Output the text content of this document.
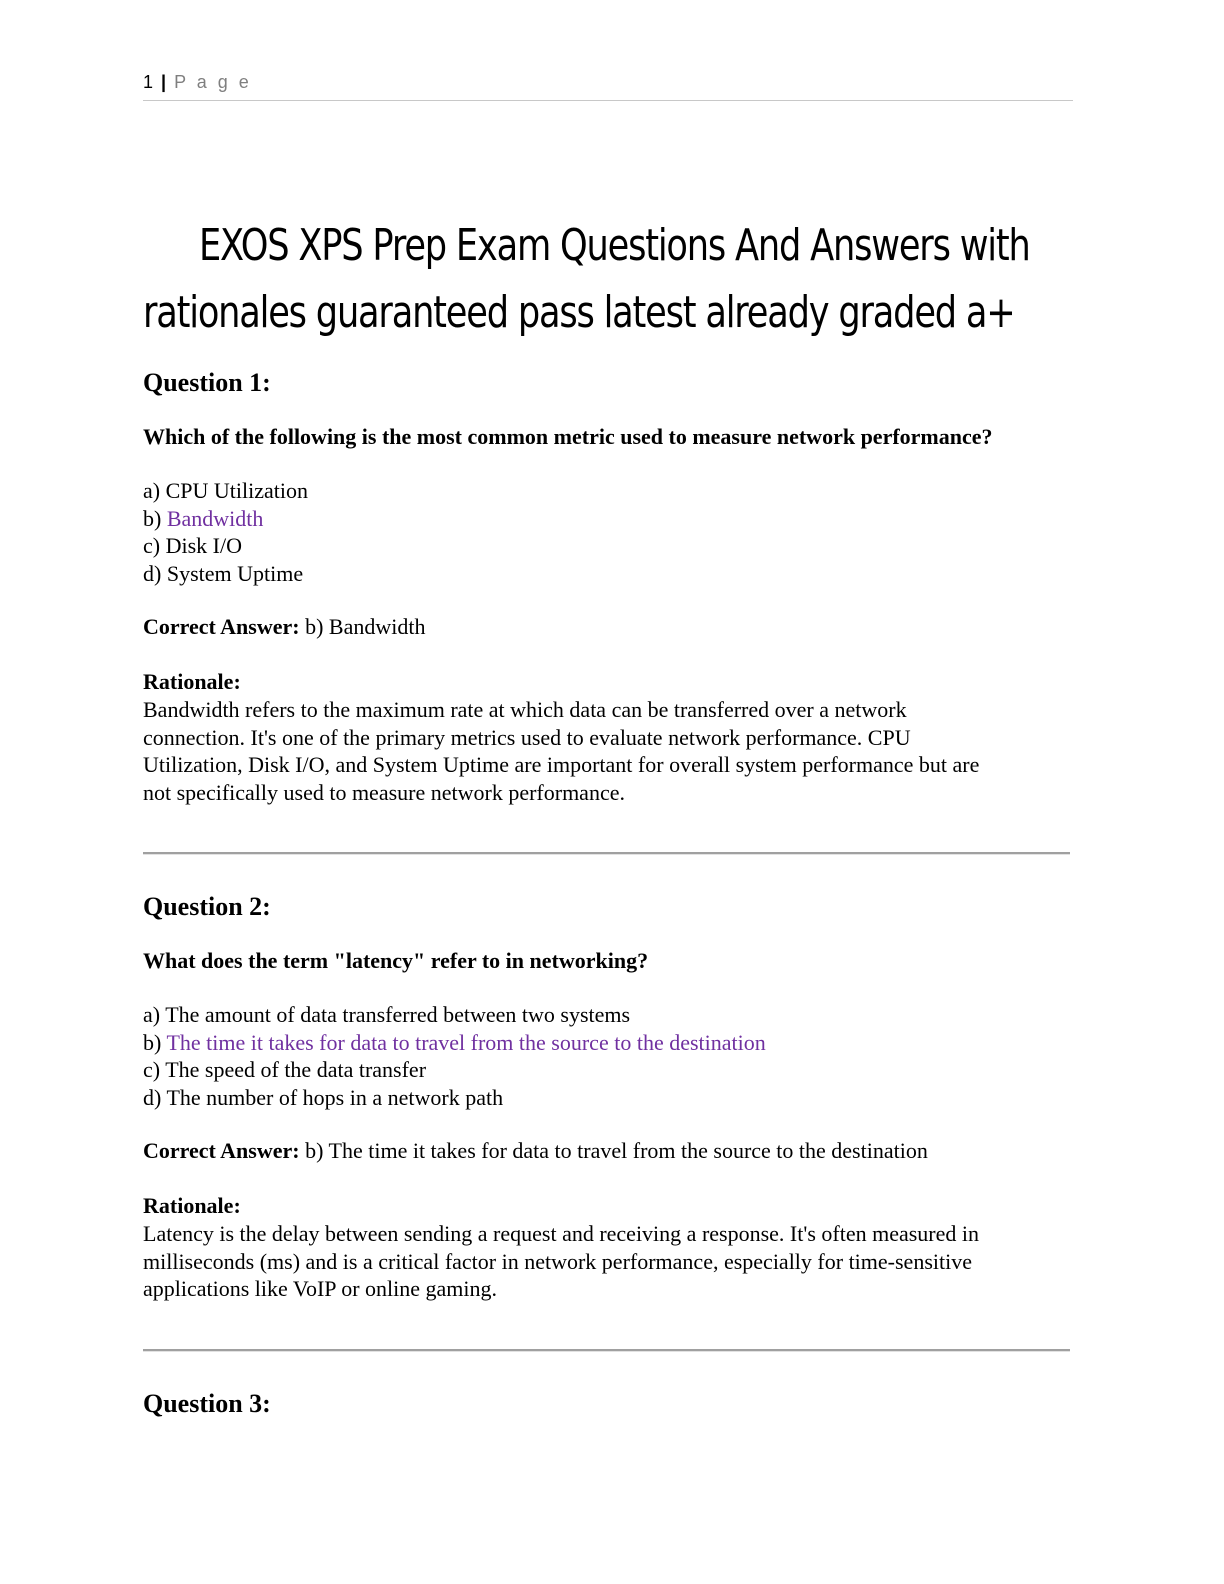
1 | P a g e
EXOS XPS Prep Exam Questions And Answers with
rationales guaranteed pass latest already graded a+

Question 1:

Which of the following is the most common metric used to measure network performance?

a) CPU Utilization
b) Bandwidth
c) Disk I/O
d) System Uptime

Correct Answer: b) Bandwidth

Rationale:

Bandwidth refers to the maximum rate at which data can be transferred over a network

connection. It's one of the primary metrics used to evaluate network performance. CPU

Utilization, Disk I/O, and System Uptime are important for overall system performance but are

not specifically used to measure network performance.

Question 2:

What does the term "latency" refer to in networking?

a) The amount of data transferred between two systems
b) The time it takes for data to travel from the source to the destination
c) The speed of the data transfer
d) The number of hops in a network path

Correct Answer: b) The time it takes for data to travel from the source to the destination

Rationale:

Latency is the delay between sending a request and receiving a response. It's often measured in

milliseconds (ms) and is a critical factor in network performance, especially for time-sensitive

applications like VoIP or online gaming.

Question 3:
